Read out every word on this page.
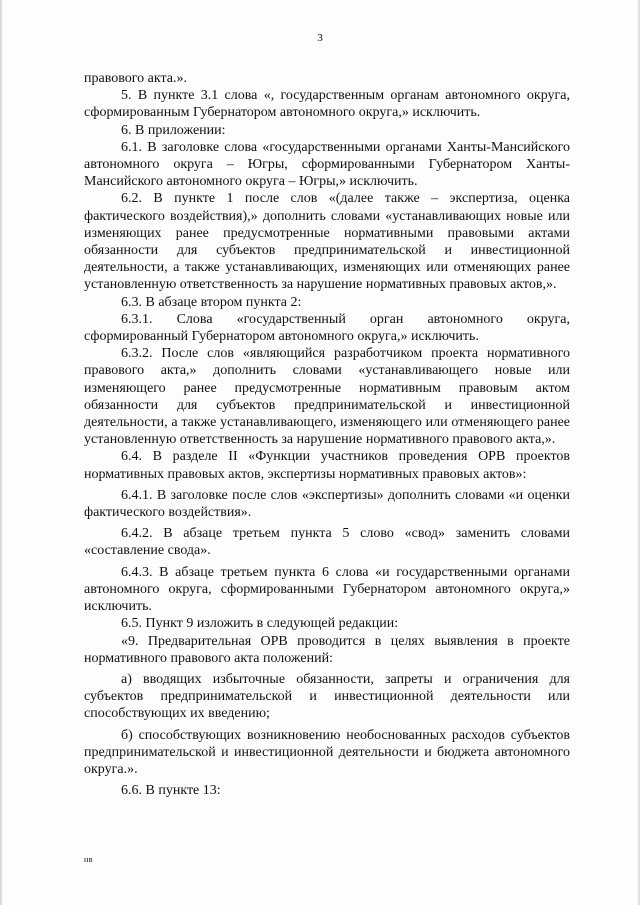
3

правового акта.».

5. В пункте 3.1 слова «, государственным органам автономного округа, сформированным Губернатором автономного округа,» исключить.

6. В приложении:

6.1. В заголовке слова «государственными органами Ханты-Мансийского автономного округа – Югры, сформированными Губернатором Ханты-Мансийского автономного округа – Югры,» исключить.

6.2. В пункте 1 после слов «(далее также – экспертиза, оценка фактического воздействия),» дополнить словами «устанавливающих новые или изменяющих ранее предусмотренные нормативными правовыми актами обязанности для субъектов предпринимательской и инвестиционной деятельности, а также устанавливающих, изменяющих или отменяющих ранее установленную ответственность за нарушение нормативных правовых актов,».

6.3. В абзаце втором пункта 2:

6.3.1. Слова «государственный орган автономного округа, сформированный Губернатором автономного округа,» исключить.

6.3.2. После слов «являющийся разработчиком проекта нормативного правового акта,» дополнить словами «устанавливающего новые или изменяющего ранее предусмотренные нормативным правовым актом обязанности для субъектов предпринимательской и инвестиционной деятельности, а также устанавливающего, изменяющего или отменяющего ранее установленную ответственность за нарушение нормативного правового акта,».

6.4. В разделе II «Функции участников проведения ОРВ проектов нормативных правовых актов, экспертизы нормативных правовых актов»:

6.4.1. В заголовке после слов «экспертизы» дополнить словами «и оценки фактического воздействия».

6.4.2. В абзаце третьем пункта 5 слово «свод» заменить словами «составление свода».

6.4.3. В абзаце третьем пункта 6 слова «и государственными органами автономного округа, сформированными Губернатором автономного округа,» исключить.

6.5. Пункт 9 изложить в следующей редакции:

«9. Предварительная ОРВ проводится в целях выявления в проекте нормативного правового акта положений:

а) вводящих избыточные обязанности, запреты и ограничения для субъектов предпринимательской и инвестиционной деятельности или способствующих их введению;

б) способствующих возникновению необоснованных расходов субъектов предпринимательской и инвестиционной деятельности и бюджета автономного округа.».

6.6. В пункте 13:

нв
